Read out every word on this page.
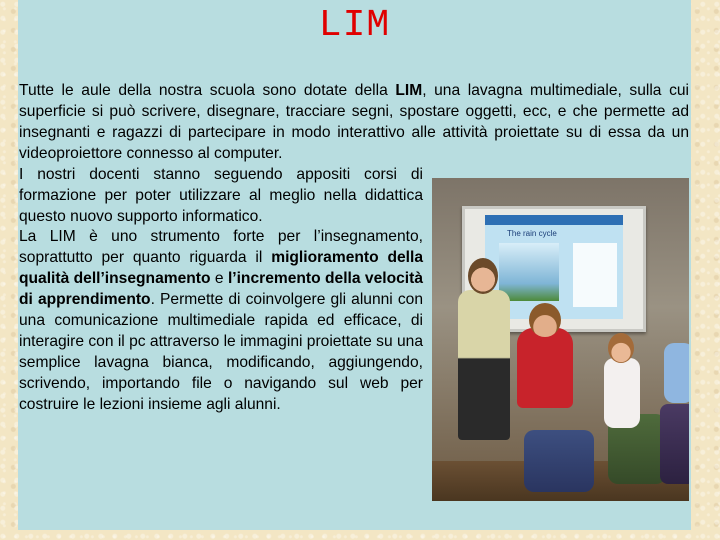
LIM

Tutte le aule della nostra scuola sono dotate della LIM, una lavagna multimediale, sulla cui superficie si può scrivere, disegnare, tracciare segni, spostare oggetti, ecc, e che permette ad insegnanti e ragazzi di partecipare in modo interattivo alle attività proiettate su di essa da un videoproiettore connesso al computer.

I nostri docenti stanno seguendo appositi corsi di formazione per poter utilizzare al meglio nella didattica questo nuovo supporto informatico.

La LIM è uno strumento forte per l’insegnamento, soprattutto per quanto riguarda il miglioramento della qualità dell’insegnamento e l’incremento della velocità di apprendimento. Permette di coinvolgere gli alunni con una comunicazione multimediale rapida ed efficace, di interagire con il pc attraverso le immagini proiettate su una semplice lavagna bianca, modificando, aggiungendo, scrivendo, importando file o navigando sul web per costruire le lezioni insieme agli alunni.

The rain cycle
